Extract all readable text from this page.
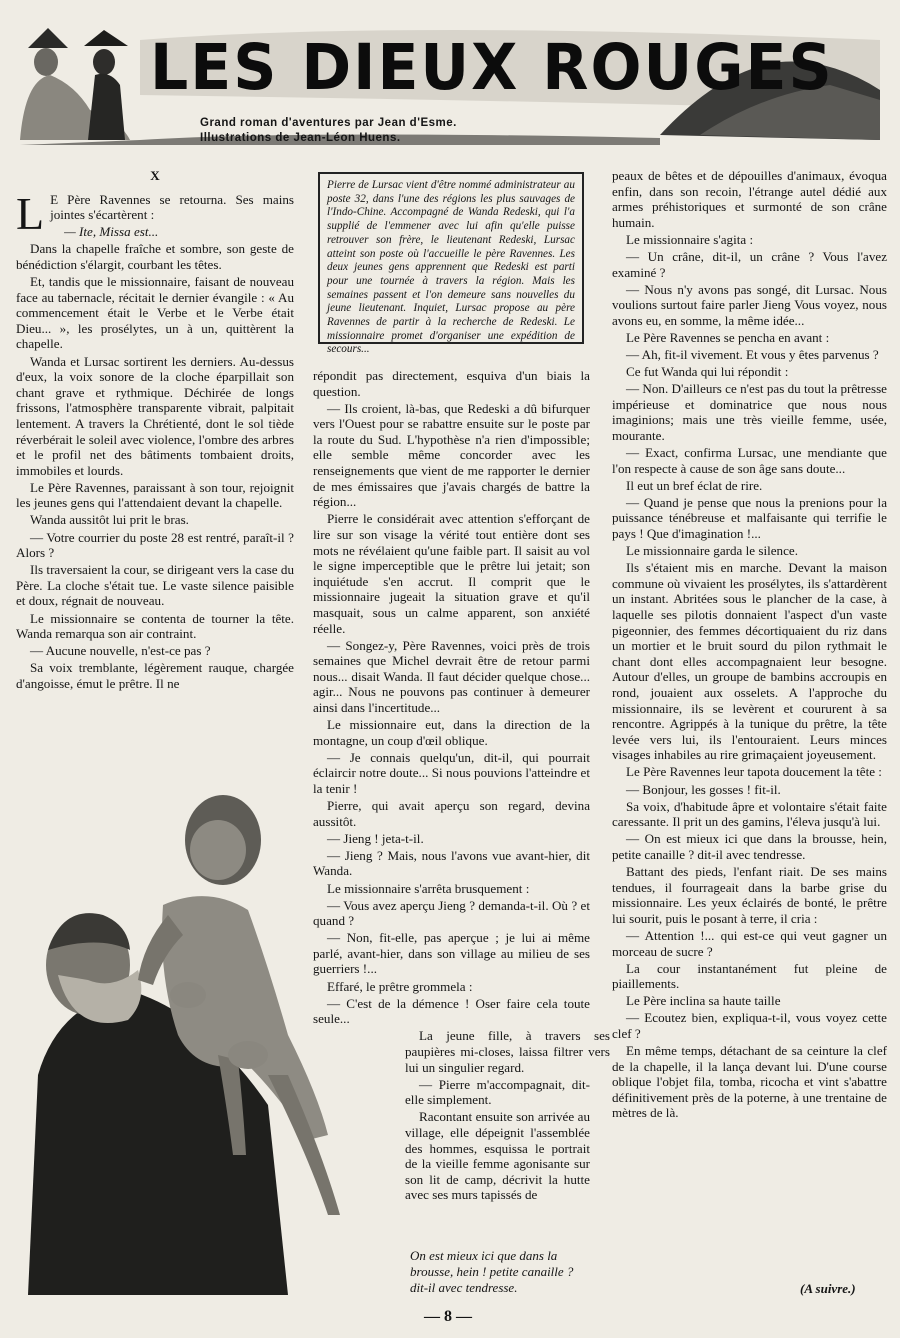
LES DIEUX ROUGES
Grand roman d'aventures par Jean d'Esme.
Illustrations de Jean-Léon Huens.
Pierre de Lursac vient d'être nommé administrateur au poste 32, dans l'une des régions les plus sauvages de l'Indo-Chine. Accompagné de Wanda Redeski, qui l'a supplié de l'emmener avec lui afin qu'elle puisse retrouver son frère, le lieutenant Redeski, Lursac atteint son poste où l'accueille le père Ravennes. Les deux jeunes gens apprennent que Redeski est parti pour une tournée à travers la région. Mais les semaines passent et l'on demeure sans nouvelles du jeune lieutenant. Inquiet, Lursac propose au père Ravennes de partir à la recherche de Redeski. Le missionnaire promet d'organiser une expédition de secours...

X

L E Père Ravennes se retourna. Ses mains jointes s'écartèrent :

— Ite, Missa est...

Dans la chapelle fraîche et sombre, son geste de bénédiction s'élargit, courbant les têtes.

Et, tandis que le missionnaire, faisant de nouveau face au tabernacle, récitait le dernier évangile : « Au commencement était le Verbe et le Verbe était Dieu... », les prosélytes, un à un, quittèrent la chapelle.

Wanda et Lursac sortirent les derniers. Au-dessus d'eux, la voix sonore de la cloche éparpillait son chant grave et rythmique. Déchirée de longs frissons, l'atmosphère transparente vibrait, palpitait lentement. A travers la Chrétienté, dont le sol tiède réverbérait le soleil avec violence, l'ombre des arbres et le profil net des bâtiments tombaient droits, immobiles et lourds.

Le Père Ravennes, paraissant à son tour, rejoignit les jeunes gens qui l'attendaient devant la chapelle.

Wanda aussitôt lui prit le bras.

— Votre courrier du poste 28 est rentré, paraît-il ? Alors ?

Ils traversaient la cour, se dirigeant vers la case du Père. La cloche s'était tue. Le vaste silence paisible et doux, régnait de nouveau.

Le missionnaire se contenta de tourner la tête. Wanda remarqua son air contraint.

— Aucune nouvelle, n'est-ce pas ?

Sa voix tremblante, légèrement rauque, chargée d'angoisse, émut le prêtre. Il ne

répondit pas directement, esquiva d'un biais la question.

— Ils croient, là-bas, que Redeski a dû bifurquer vers l'Ouest pour se rabattre ensuite sur le poste par la route du Sud. L'hypothèse n'a rien d'impossible; elle semble même concorder avec les renseignements que vient de me rapporter le dernier de mes émissaires que j'avais chargés de battre la région...

Pierre le considérait avec attention s'efforçant de lire sur son visage la vérité tout entière dont ses mots ne révélaient qu'une faible part. Il saisit au vol le signe imperceptible que le prêtre lui jetait; son inquiétude s'en accrut. Il comprit que le missionnaire jugeait la situation grave et qu'il masquait, sous un calme apparent, son anxiété réelle.

— Songez-y, Père Ravennes, voici près de trois semaines que Michel devrait être de retour parmi nous... disait Wanda. Il faut décider quelque chose... agir... Nous ne pouvons pas continuer à demeurer ainsi dans l'incertitude...

Le missionnaire eut, dans la direction de la montagne, un coup d'œil oblique.

— Je connais quelqu'un, dit-il, qui pourrait éclaircir notre doute... Si nous pouvions l'atteindre et la tenir !

Pierre, qui avait aperçu son regard, devina aussitôt.

— Jieng ! jeta-t-il.

— Jieng ? Mais, nous l'avons vue avant-hier, dit Wanda.

Le missionnaire s'arrêta brusquement :

— Vous avez aperçu Jieng ? demanda-t-il. Où ? et quand ?

— Non, fit-elle, pas aperçue ; je lui ai même parlé, avant-hier, dans son village au milieu de ses guerriers !...

Effaré, le prêtre grommela :

— C'est de la démence ! Oser faire cela toute seule...

La jeune fille, à travers ses paupières mi-closes, laissa filtrer vers lui un singulier regard.

— Pierre m'accompagnait, dit-elle simplement.

Racontant ensuite son arrivée au village, elle dépeignit l'assemblée des hommes, esquissa le portrait de la vieille femme agonisante sur son lit de camp, décrivit la hutte avec ses murs tapissés de

On est mieux ici que dans la brousse, hein ! petite canaille ? dit-il avec tendresse.

peaux de bêtes et de dépouilles d'animaux, évoqua enfin, dans son recoin, l'étrange autel dédié aux armes préhistoriques et surmonté de son crâne humain.

Le missionnaire s'agita :

— Un crâne, dit-il, un crâne ? Vous l'avez examiné ?

— Nous n'y avons pas songé, dit Lursac. Nous voulions surtout faire parler Jieng Vous voyez, nous avons eu, en somme, la même idée...

Le Père Ravennes se pencha en avant :

— Ah, fit-il vivement. Et vous y êtes parvenus ?

Ce fut Wanda qui lui répondit :

— Non. D'ailleurs ce n'est pas du tout la prêtresse impérieuse et dominatrice que nous nous imaginions; mais une très vieille femme, usée, mourante.

— Exact, confirma Lursac, une mendiante que l'on respecte à cause de son âge sans doute...

Il eut un bref éclat de rire.

— Quand je pense que nous la prenions pour la puissance ténébreuse et malfaisante qui terrifie le pays ! Que d'imagination !...

Le missionnaire garda le silence.

Ils s'étaient mis en marche. Devant la maison commune où vivaient les prosélytes, ils s'attardèrent un instant. Abritées sous le plancher de la case, à laquelle ses pilotis donnaient l'aspect d'un vaste pigeonnier, des femmes décortiquaient du riz dans un mortier et le bruit sourd du pilon rythmait le chant dont elles accompagnaient leur besogne. Autour d'elles, un groupe de bambins accroupis en rond, jouaient aux osselets. A l'approche du missionnaire, ils se levèrent et coururent à sa rencontre. Agrippés à la tunique du prêtre, la tête levée vers lui, ils l'entouraient. Leurs minces visages inhabiles au rire grimaçaient joyeusement.

Le Père Ravennes leur tapota doucement la tête :

— Bonjour, les gosses ! fit-il.

Sa voix, d'habitude âpre et volontaire s'était faite caressante. Il prit un des gamins, l'éleva jusqu'à lui.

— On est mieux ici que dans la brousse, hein, petite canaille ? dit-il avec tendresse.

Battant des pieds, l'enfant riait. De ses mains tendues, il fourrageait dans la barbe grise du missionnaire. Les yeux éclairés de bonté, le prêtre lui sourit, puis le posant à terre, il cria :

— Attention !... qui est-ce qui veut gagner un morceau de sucre ?

La cour instantanément fut pleine de piaillements.

Le Père inclina sa haute taille

— Ecoutez bien, expliqua-t-il, vous voyez cette clef ?

En même temps, détachant de sa ceinture la clef de la chapelle, il la lança devant lui. D'une course oblique l'objet fila, tomba, ricocha et vint s'abattre définitivement près de la poterne, à une trentaine de mètres de là.

(A suivre.)
— 8 —
